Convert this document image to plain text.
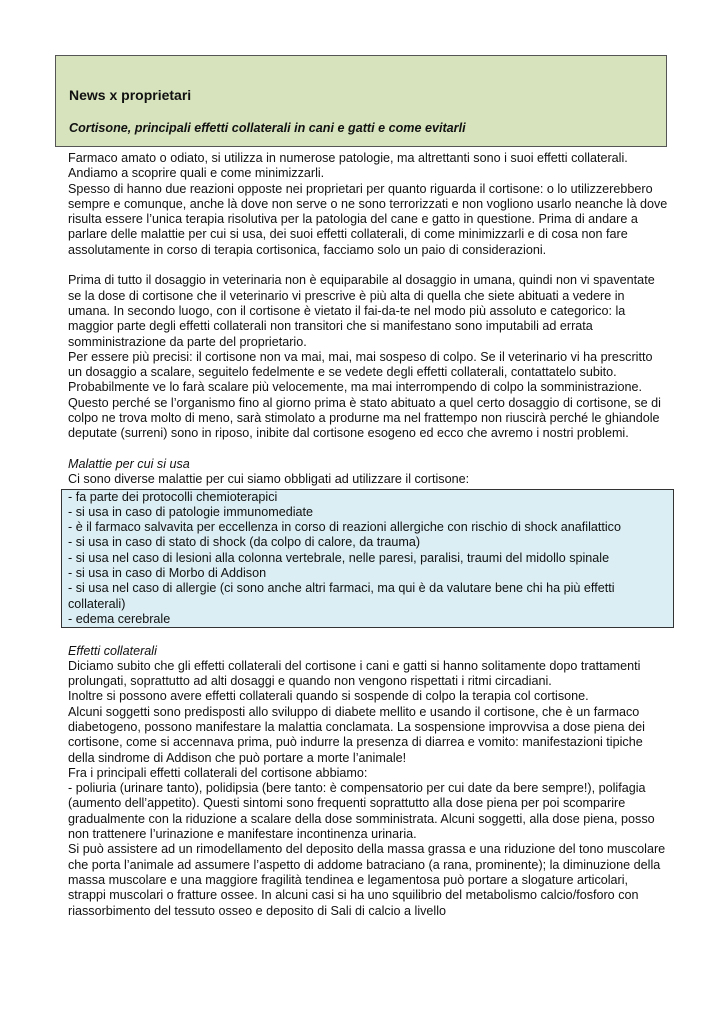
News x proprietari
Cortisone, principali effetti collaterali in cani e gatti e come evitarli

Farmaco amato o odiato, si utilizza in numerose patologie, ma altrettanti sono i suoi effetti collaterali. Andiamo a scoprire quali e come minimizzarli.

Spesso di hanno due reazioni opposte nei proprietari per quanto riguarda il cortisone: o lo utilizzerebbero sempre e comunque, anche là dove non serve o ne sono terrorizzati e non vogliono usarlo neanche là dove risulta essere l’unica terapia risolutiva per la patologia del cane e gatto in questione. Prima di andare a parlare delle malattie per cui si usa, dei suoi effetti collaterali, di come minimizzarli e di cosa non fare assolutamente in corso di terapia cortisonica, facciamo solo un paio di considerazioni.

Prima di tutto il dosaggio in veterinaria non è equiparabile al dosaggio in umana, quindi non vi spaventate se la dose di cortisone che il veterinario vi prescrive è più alta di quella che siete abituati a vedere in umana. In secondo luogo, con il cortisone è vietato il fai-da-te nel modo più assoluto e categorico: la maggior parte degli effetti collaterali non transitori che si manifestano sono imputabili ad errata somministrazione da parte del proprietario.

Per essere più precisi: il cortisone non va mai, mai, mai sospeso di colpo. Se il veterinario vi ha prescritto un dosaggio a scalare, seguitelo fedelmente e se vedete degli effetti collaterali, contattatelo subito. Probabilmente ve lo farà scalare più velocemente, ma mai interrompendo di colpo la somministrazione. Questo perché se l’organismo fino al giorno prima è stato abituato a quel certo dosaggio di cortisone, se di colpo ne trova molto di meno, sarà stimolato a produrne ma nel frattempo non riuscirà perché le ghiandole deputate (surreni) sono in riposo, inibite dal cortisone esogeno ed ecco che avremo i nostri problemi.

Malattie per cui si usa

Ci sono diverse malattie per cui siamo obbligati ad utilizzare il cortisone:

- fa parte dei protocolli chemioterapici
- si usa in caso di patologie immunomediate
- è il farmaco salvavita per eccellenza in corso di reazioni allergiche con rischio di shock anafilattico
- si usa in caso di stato di shock (da colpo di calore, da trauma)
- si usa nel caso di lesioni alla colonna vertebrale, nelle paresi, paralisi, traumi del midollo spinale
- si usa in caso di Morbo di Addison
- si usa nel caso di allergie (ci sono anche altri farmaci, ma qui è da valutare bene chi ha più effetti collaterali)
- edema cerebrale

Effetti collaterali

Diciamo subito che gli effetti collaterali del cortisone i cani e gatti si hanno solitamente dopo trattamenti prolungati, soprattutto ad alti dosaggi e quando non vengono rispettati i ritmi circadiani.

Inoltre si possono avere effetti collaterali quando si sospende di colpo la terapia col cortisone.

Alcuni soggetti sono predisposti allo sviluppo di diabete mellito e usando il cortisone, che è un farmaco diabetogeno, possono manifestare la malattia conclamata. La sospensione improvvisa a dose piena dei cortisone, come si accennava prima, può indurre la presenza di diarrea e vomito: manifestazioni tipiche della sindrome di Addison che può portare a morte l’animale!

Fra i principali effetti collaterali del cortisone abbiamo:

- poliuria (urinare tanto), polidipsia (bere tanto: è compensatorio per cui date da bere sempre!), polifagia (aumento dell’appetito). Questi sintomi sono frequenti soprattutto alla dose piena per poi scomparire gradualmente con la riduzione a scalare della dose somministrata. Alcuni soggetti, alla dose piena, posso non trattenere l’urinazione e manifestare incontinenza urinaria.

Si può assistere ad un rimodellamento del deposito della massa grassa e una riduzione del tono muscolare che porta l’animale ad assumere l’aspetto di addome batraciano (a rana, prominente); la diminuzione della massa muscolare e una maggiore fragilità tendinea e legamentosa può portare a slogature articolari, strappi muscolari o fratture ossee. In alcuni casi si ha uno squilibrio del metabolismo calcio/fosforo con riassorbimento del tessuto osseo e deposito di Sali di calcio a livello
